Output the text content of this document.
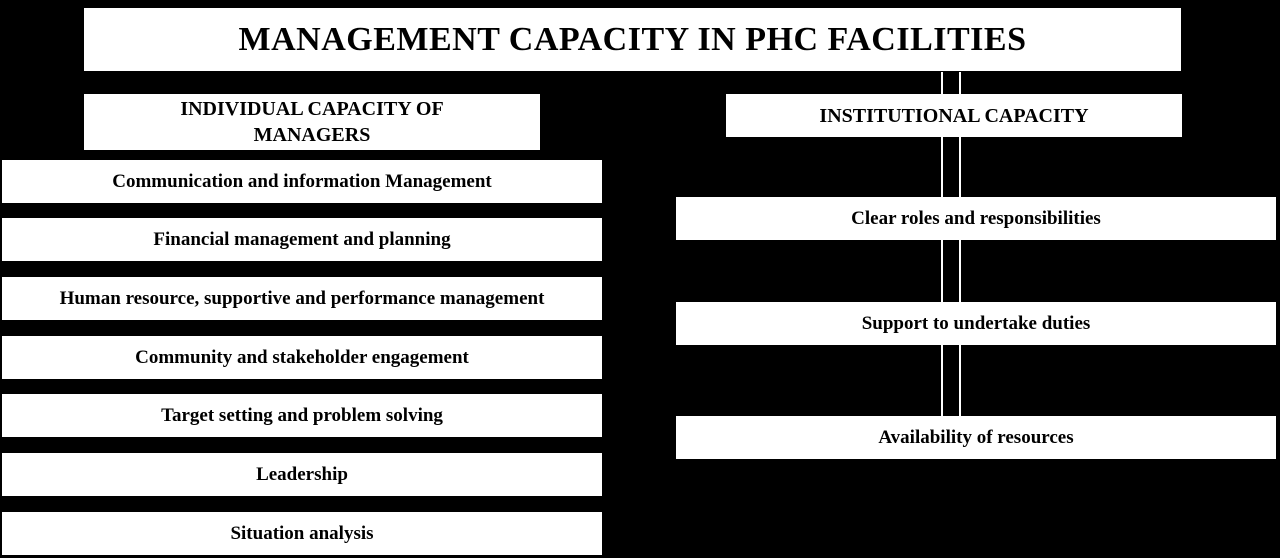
MANAGEMENT CAPACITY IN PHC FACILITIES
INDIVIDUAL CAPACITY OF MANAGERS
INSTITUTIONAL CAPACITY
Communication and information Management
Financial management and planning
Human resource, supportive and performance management
Community and stakeholder engagement
Target setting and problem solving
Leadership
Situation analysis
Clear roles and responsibilities
Support to undertake duties
Availability of resources
